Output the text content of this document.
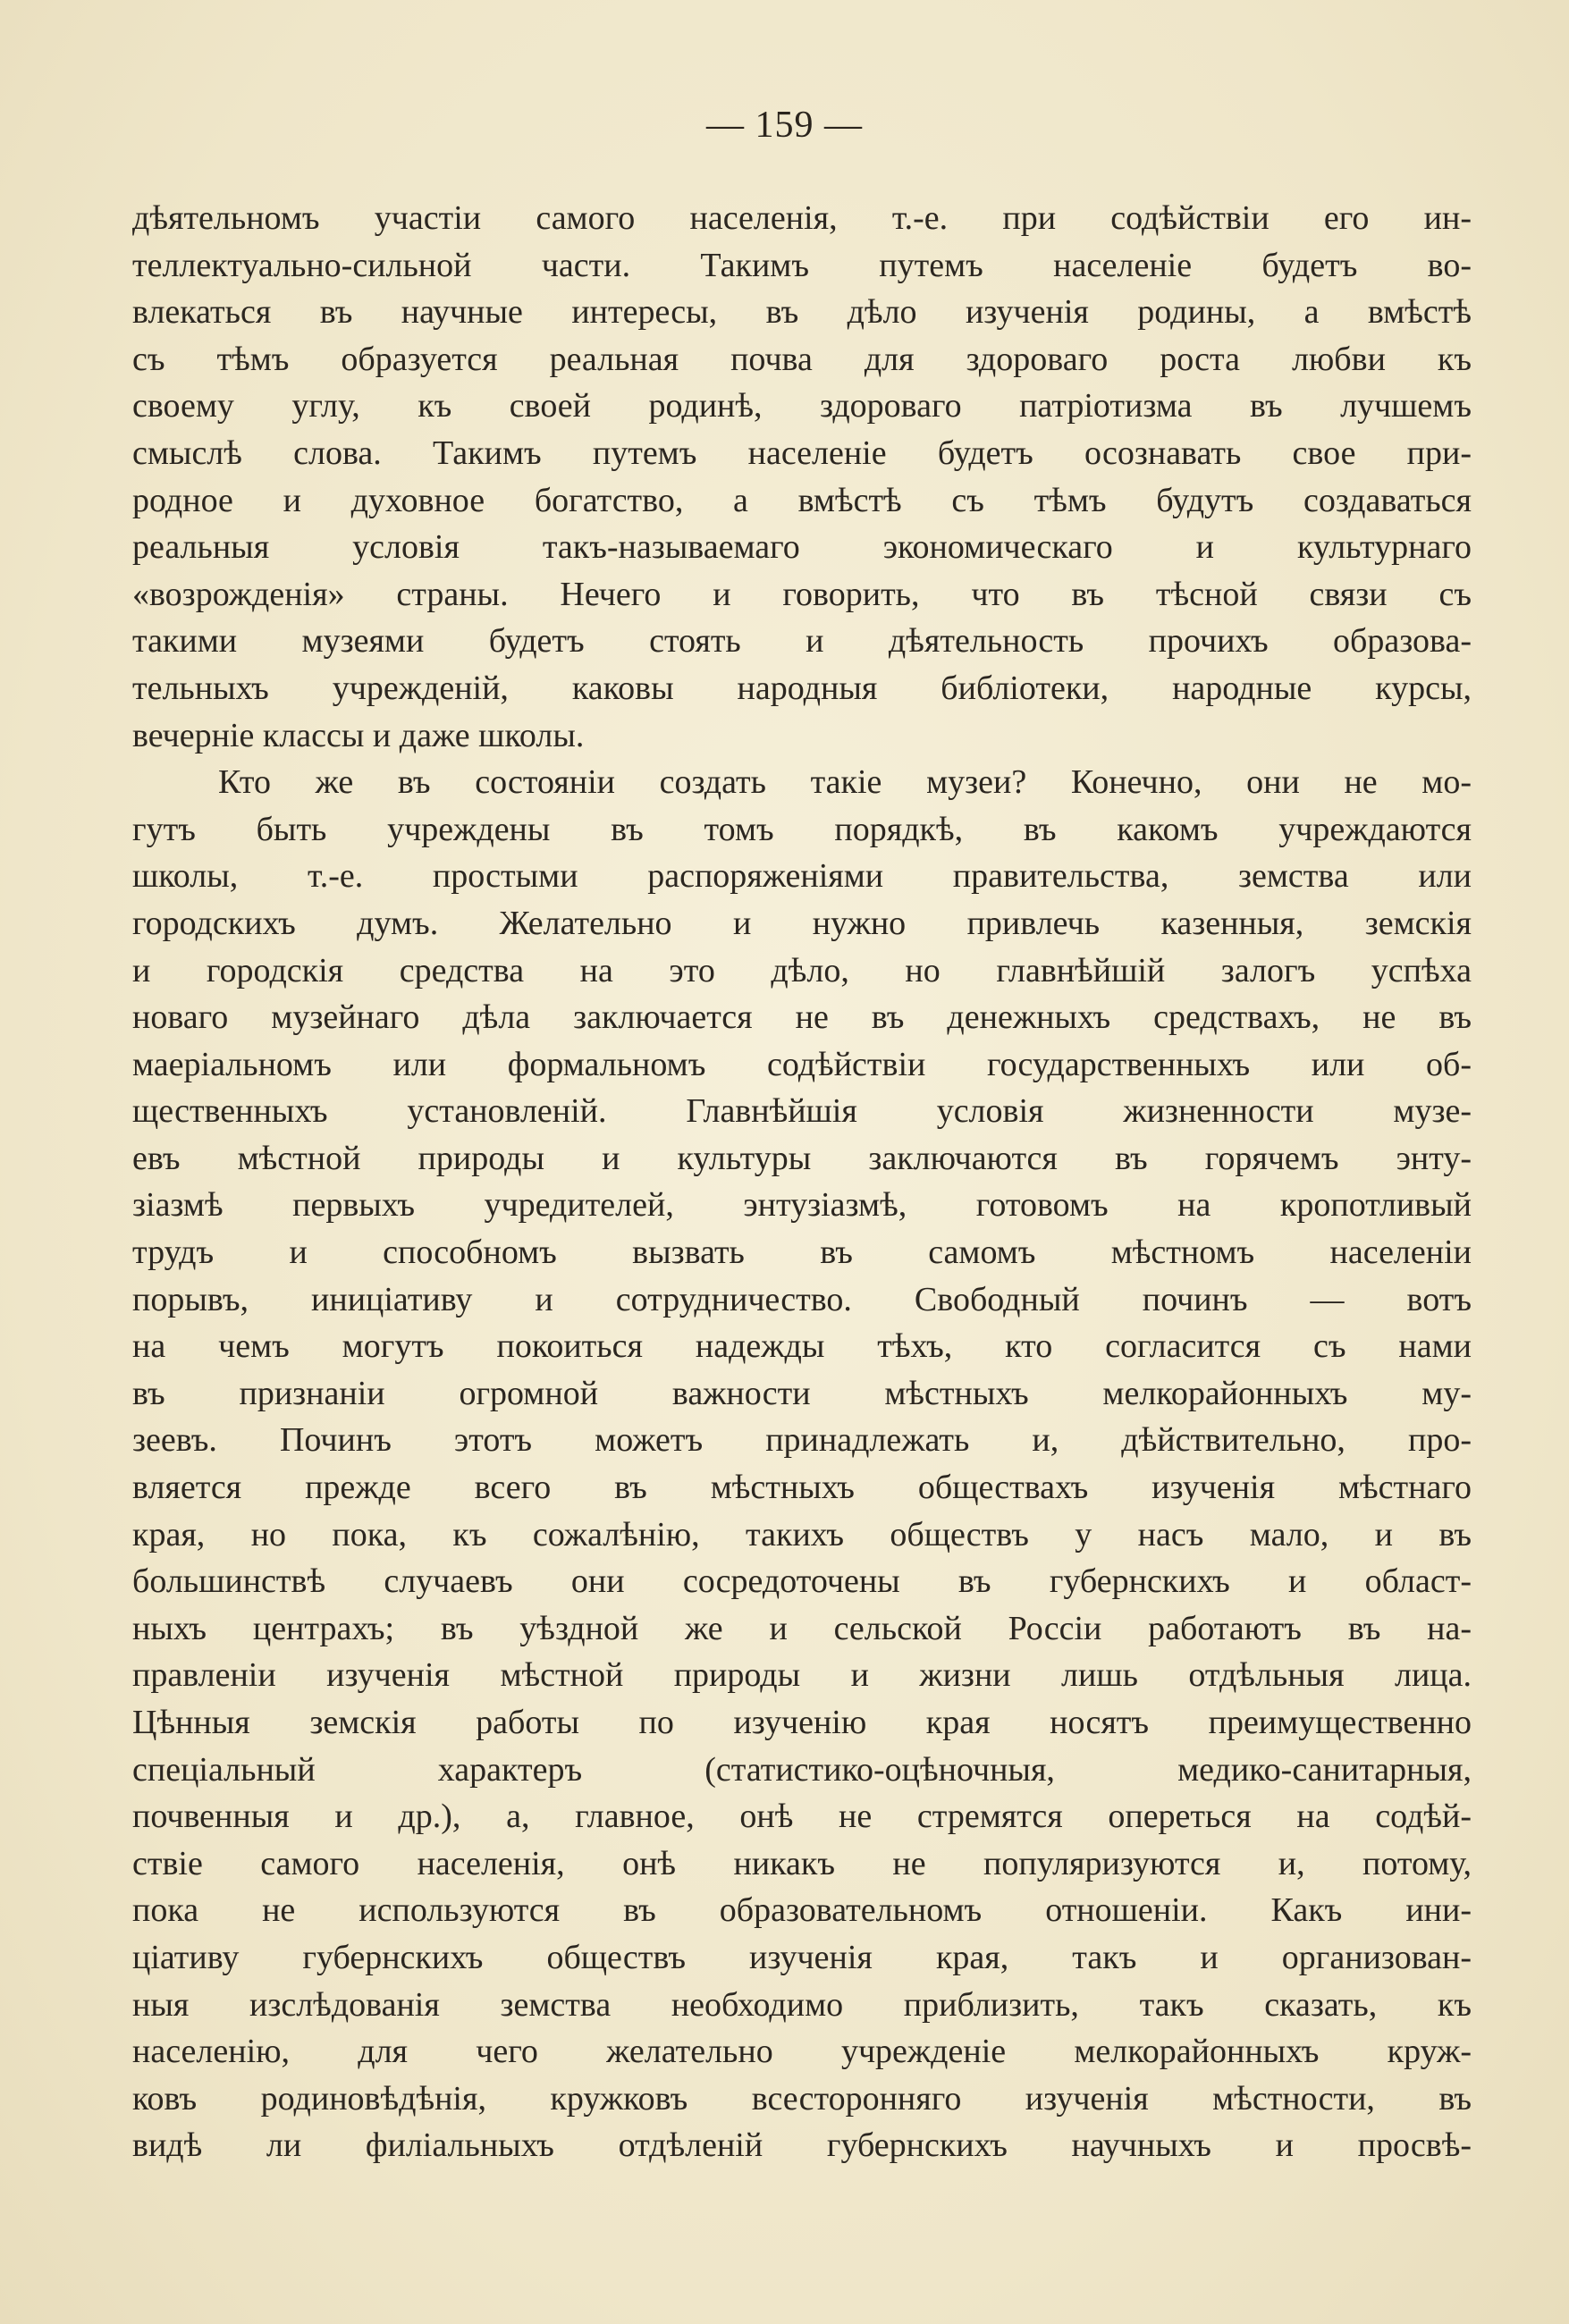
— 159 —
дѣятельномъ участіи самого населенія, т.-е. при содѣйствіи его ин-
теллектуально-сильной части. Такимъ путемъ населеніе будетъ во-
влекаться въ научные интересы, въ дѣло изученія родины, а вмѣстѣ
съ тѣмъ образуется реальная почва для здороваго роста любви къ
своему углу, къ своей родинѣ, здороваго патріотизма въ лучшемъ
смыслѣ слова. Такимъ путемъ населеніе будетъ осознавать свое при-
родное и духовное богатство, а вмѣстѣ съ тѣмъ будутъ создаваться
реальныя условія такъ-называемаго экономическаго и культурнаго
«возрожденія» страны. Нечего и говорить, что въ тѣсной связи съ
такими музеями будетъ стоять и дѣятельность прочихъ образова-
тельныхъ учрежденій, каковы народныя библіотеки, народные курсы,
вечерніе классы и даже школы.
Кто же въ состояніи создать такіе музеи? Конечно, они не мо-
гутъ быть учреждены въ томъ порядкѣ, въ какомъ учреждаются
школы, т.-е. простыми распоряженіями правительства, земства или
городскихъ думъ. Желательно и нужно привлечь казенныя, земскія
и городскія средства на это дѣло, но главнѣйшій залогъ успѣха
новаго музейнаго дѣла заключается не въ денежныхъ средствахъ, не въ
маеріальномъ или формальномъ содѣйствіи государственныхъ или об-
щественныхъ установленій. Главнѣйшія условія жизненности музе-
евъ мѣстной природы и культуры заключаются въ горячемъ энту-
зіазмѣ первыхъ учредителей, энтузіазмѣ, готовомъ на кропотливый
трудъ и способномъ вызвать въ самомъ мѣстномъ населеніи
порывъ, иниціативу и сотрудничество. Свободный починъ — вотъ
на чемъ могутъ покоиться надежды тѣхъ, кто согласится съ нами
въ признаніи огромной важности мѣстныхъ мелкорайонныхъ му-
зеевъ. Починъ этотъ можетъ принадлежать и, дѣйствительно, про-
вляется прежде всего въ мѣстныхъ обществахъ изученія мѣстнаго
края, но пока, къ сожалѣнію, такихъ обществъ у насъ мало, и въ
большинствѣ случаевъ они сосредоточены въ губернскихъ и област-
ныхъ центрахъ; въ уѣздной же и сельской Россіи работаютъ въ на-
правленіи изученія мѣстной природы и жизни лишь отдѣльныя лица.
Цѣнныя земскія работы по изученію края носятъ преимущественно
спеціальный характеръ (статистико-оцѣночныя, медико-санитарныя,
почвенныя и др.), а, главное, онѣ не стремятся опереться на содѣй-
ствіе самого населенія, онѣ никакъ не популяризуются и, потому,
пока не используются въ образовательномъ отношеніи. Какъ ини-
ціативу губернскихъ обществъ изученія края, такъ и организован-
ныя изслѣдованія земства необходимо приблизить, такъ сказать, къ
населенію, для чего желательно учрежденіе мелкорайонныхъ круж-
ковъ родиновѣдѣнія, кружковъ всесторонняго изученія мѣстности, въ
видѣ ли филіальныхъ отдѣленій губернскихъ научныхъ и просвѣ-
